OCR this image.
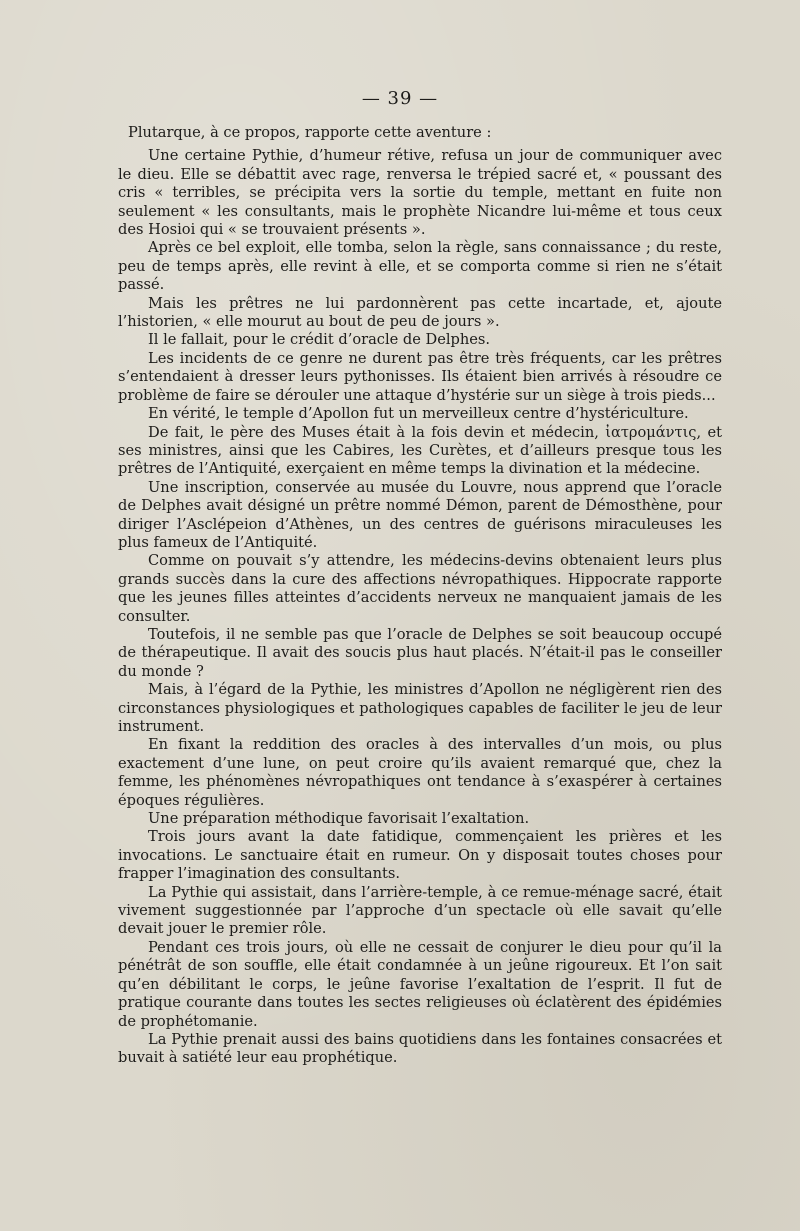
— 39 —

Plutarque, à ce propos, rapporte cette aventure :

Une certaine Pythie, d’humeur rétive, refusa un jour de communiquer avec le dieu. Elle se débattit avec rage, renversa le trépied sacré et, « poussant des cris « terribles, se précipita vers la sortie du temple, mettant en fuite non seulement « les consultants, mais le prophète Nicandre lui-même et tous ceux des Hosioi qui « se trouvaient présents ».

Après ce bel exploit, elle tomba, selon la règle, sans connaissance ; du reste, peu de temps après, elle revint à elle, et se comporta comme si rien ne s’était passé.

Mais les prêtres ne lui pardonnèrent pas cette incartade, et, ajoute l’historien, « elle mourut au bout de peu de jours ».

Il le fallait, pour le crédit d’oracle de Delphes.

Les incidents de ce genre ne durent pas être très fréquents, car les prêtres s’entendaient à dresser leurs pythonisses. Ils étaient bien arrivés à résoudre ce problème de faire se dérouler une attaque d’hystérie sur un siège à trois pieds...

En vérité, le temple d’Apollon fut un merveilleux centre d’hystériculture.

De fait, le père des Muses était à la fois devin et médecin, ἰατρομάντις, et ses ministres, ainsi que les Cabires, les Curètes, et d’ailleurs presque tous les prêtres de l’Antiquité, exerçaient en même temps la divination et la médecine.

Une inscription, conservée au musée du Louvre, nous apprend que l’oracle de Delphes avait désigné un prêtre nommé Démon, parent de Démosthène, pour diriger l’Asclépeion d’Athènes, un des centres de guérisons miraculeuses les plus fameux de l’Antiquité.

Comme on pouvait s’y attendre, les médecins-devins obtenaient leurs plus grands succès dans la cure des affections névropathiques. Hippocrate rapporte que les jeunes filles atteintes d’accidents nerveux ne manquaient jamais de les consulter.

Toutefois, il ne semble pas que l’oracle de Delphes se soit beaucoup occupé de thérapeutique. Il avait des soucis plus haut placés. N’était-il pas le conseiller du monde ?

Mais, à l’égard de la Pythie, les ministres d’Apollon ne négligèrent rien des circonstances physiologiques et pathologiques capables de faciliter le jeu de leur instrument.

En fixant la reddition des oracles à des intervalles d’un mois, ou plus exactement d’une lune, on peut croire qu’ils avaient remarqué que, chez la femme, les phénomènes névropathiques ont tendance à s’exaspérer à certaines époques régulières.

Une préparation méthodique favorisait l’exaltation.

Trois jours avant la date fatidique, commençaient les prières et les invocations. Le sanctuaire était en rumeur. On y disposait toutes choses pour frapper l’imagination des consultants.

La Pythie qui assistait, dans l’arrière-temple, à ce remue-ménage sacré, était vivement suggestionnée par l’approche d’un spectacle où elle savait qu’elle devait jouer le premier rôle.

Pendant ces trois jours, où elle ne cessait de conjurer le dieu pour qu’il la pénétrât de son souffle, elle était condamnée à un jeûne rigoureux. Et l’on sait qu’en débilitant le corps, le jeûne favorise l’exaltation de l’esprit. Il fut de pratique courante dans toutes les sectes religieuses où éclatèrent des épidémies de prophétomanie.

La Pythie prenait aussi des bains quotidiens dans les fontaines consacrées et buvait à satiété leur eau prophétique.
